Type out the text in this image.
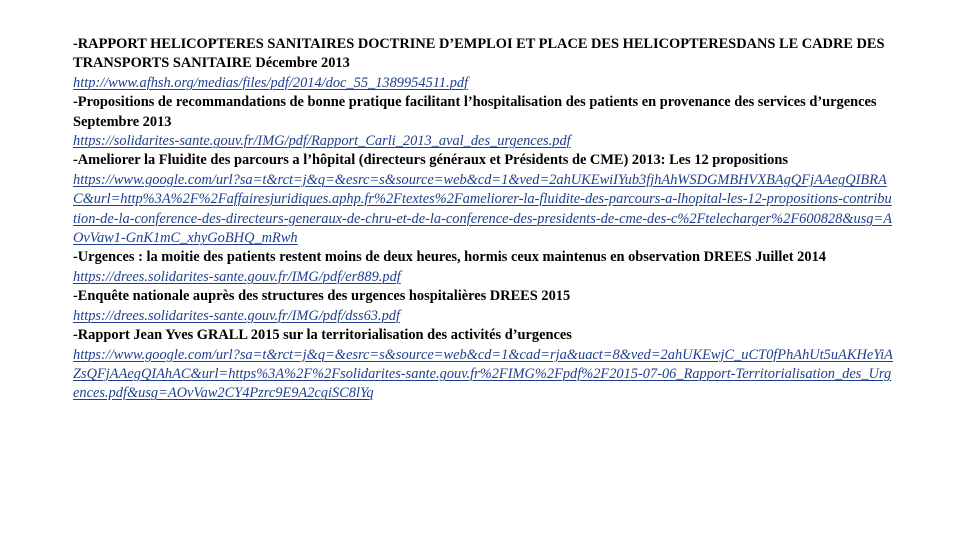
-RAPPORT HELICOPTERES SANITAIRES DOCTRINE D’EMPLOI ET PLACE DES HELICOPTERESDANS LE CADRE DES TRANSPORTS SANITAIRE Décembre 2013
http://www.afhsh.org/medias/files/pdf/2014/doc_55_1389954511.pdf
-Propositions de recommandations de bonne pratique facilitant l’hospitalisation des patients en provenance des services d’urgences Septembre 2013
https://solidarites-sante.gouv.fr/IMG/pdf/Rapport_Carli_2013_aval_des_urgences.pdf
-Ameliorer la Fluidite des parcours a l’hôpital (directeurs généraux et Présidents de CME) 2013: Les 12 propositions
https://www.google.com/url?sa=t&rct=j&q=&esrc=s&source=web&cd=1&ved=2ahUKEwiIYub3fjhAhWSDGMBHVXBAgQFjAAegQIBRAC&url=http%3A%2F%2Faffairesjuridiques.aphp.fr%2Ftextes%2Fameliorer-la-fluidite-des-parcours-a-lhopital-les-12-propositions-contribution-de-la-conference-des-directeurs-generaux-de-chru-et-de-la-conference-des-presidents-de-cme-des-c%2Ftelecharger%2F600828&usg=AOvVaw1-GnK1mC_xhyGoBHQ_mRwh
-Urgences : la moitie des patients restent moins de deux heures, hormis ceux maintenus en observation DREES Juillet 2014
https://drees.solidarites-sante.gouv.fr/IMG/pdf/er889.pdf
-Enquête nationale auprès des structures des urgences hospitalières DREES 2015
https://drees.solidarites-sante.gouv.fr/IMG/pdf/dss63.pdf
-Rapport Jean Yves GRALL 2015 sur la territorialisation des activités d’urgences
https://www.google.com/url?sa=t&rct=j&q=&esrc=s&source=web&cd=1&cad=rja&uact=8&ved=2ahUKEwjC_uCT0fPhAhUt5uAKHeYiAZsQFjAAegQIAhAC&url=https%3A%2F%2Fsolidarites-sante.gouv.fr%2FIMG%2Fpdf%2F2015-07-06_Rapport-Territorialisation_des_Urgences.pdf&usg=AOvVaw2CY4Pzrc9E9A2cgiSC8lYq
